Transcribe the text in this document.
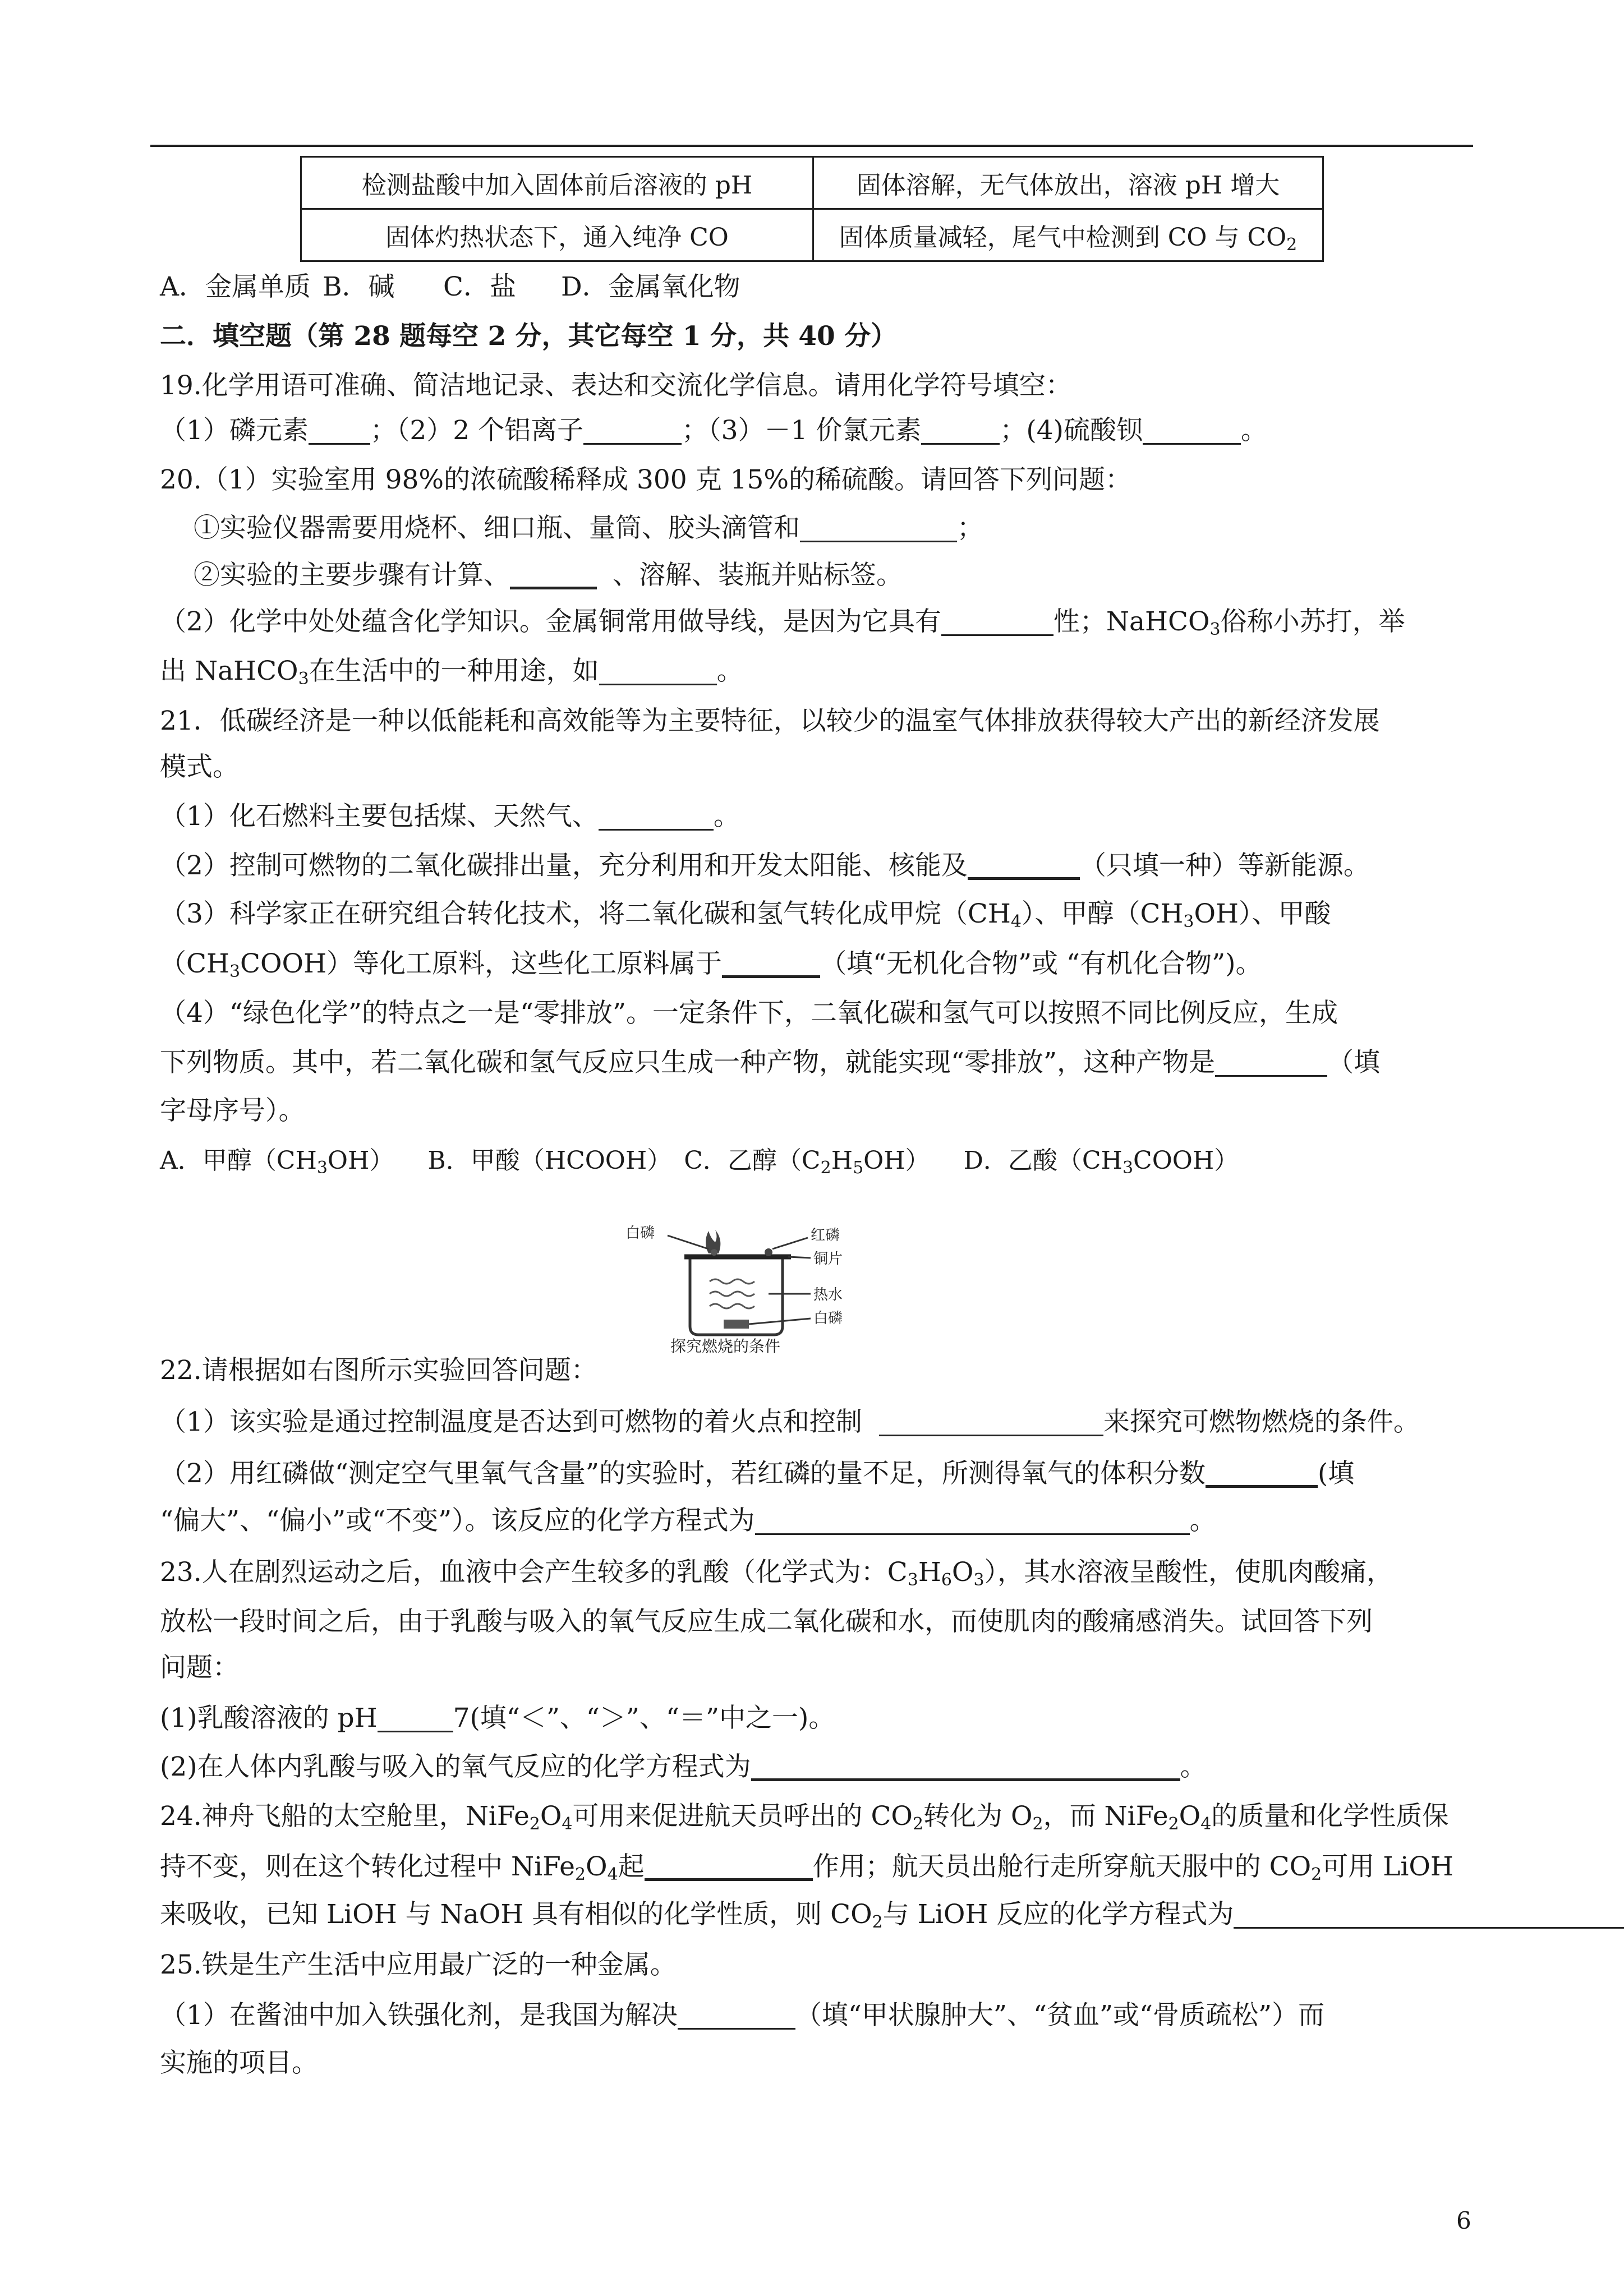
检测盐酸中加入固体前后溶液的 pH	固体溶解，无气体放出，溶液 pH 增大
固体灼热状态下，通入纯净 CO	固体质量减轻，尾气中检测到 CO 与 $CO_2$
A．金属单质 B．碱 C．盐 D．金属氧化物
二．填空题（第 28 题每空 2 分，其它每空 1 分，共 40 分）
19.化学用语可准确、简洁地记录、表达和交流化学信息。请用化学符号填空：
（1）磷元素 ；（2）2 个铝离子	；（3）－1 价氯元素	；(4)硫酸钡	。
20.（1）实验室用 98%的浓硫酸稀释成 300 克 15%的稀硫酸。请回答下列问题：
①实验仪器需要用烧杯、细口瓶、量筒、胶头滴管和	；
②实验的主要步骤有计算、	、溶解、装瓶并贴标签。
（2）化学中处处蕴含化学知识。金属铜常用做导线，是因为它具有	性；NaHCO$_3$俗称小苏打，举
出 NaHCO$_3$在生活中的一种用途，如	。
21．低碳经济是一种以低能耗和高效能等为主要特征，以较少的温室气体排放获得较大产出的新经济发展
模式。
（1）化石燃料主要包括煤、天然气、	。
（2）控制可燃物的二氧化碳排出量，充分利用和开发太阳能、核能及	（只填一种）等新能源。
（3）科学家正在研究组合转化技术，将二氧化碳和氢气转化成甲烷$(CH_4)$、甲醇$(CH_3OH)$、甲酸
$(CH_3COOH)$等化工原料，这些化工原料属于	（填“无机化合物”或 “有机化合物”)。
（4）“绿色化学”的特点之一是“零排放”。一定条件下，二氧化碳和氢气可以按照不同比例反应，生成
下列物质。其中，若二氧化碳和氢气反应只生成一种产物，就能实现“零排放”，这种产物是	（填
字母序号）。
A．甲醇$(CH_3OH)$ B．甲酸（HCOOH） C．乙醇$(C_2H_5OH)$ D．乙酸$(CH_3COOH)$
白磷	红磷
铜片
热水
白磷
探究燃烧的条件
22.请根据如右图所示实验回答问题：
（1）该实验是通过控制温度是否达到可燃物的着火点和控制	来探究可燃物燃烧的条件。
（2）用红磷做“测定空气里氧气含量”的实验时，若红磷的量不足，所测得氧气的体积分数	(填
“偏大”、“偏小”或“不变”）。该反应的化学方程式为	。
23.人在剧烈运动之后，血液中会产生较多的乳酸（化学式为：$C_3H_6O_3$），其水溶液呈酸性，使肌肉酸痛，
放松一段时间之后，由于乳酸与吸入的氧气反应生成二氧化碳和水，而使肌肉的酸痛感消失。试回答下列
问题：
(1)乳酸溶液的 pH	7(填“＜”、“＞”、“＝”中之一)。
(2)在人体内乳酸与吸入的氧气反应的化学方程式为	。
24.神舟飞船的太空舱里，$NiFe_2O_4$可用来促进航天员呼出的 $CO_2$转化为 $O_2$，而 $NiFe_2O_4$的质量和化学性质保
持不变，则在这个转化过程中 $NiFe_2O_4$起	作用；航天员出舱行走所穿航天服中的 $CO_2$可用 LiOH
来吸收，已知 LiOH 与 NaOH 具有相似的化学性质，则 $CO_2$与 LiOH 反应的化学方程式为
25.铁是生产生活中应用最广泛的一种金属。
（1）在酱油中加入铁强化剂，是我国为解决	（填“甲状腺肿大”、“贫血”或“骨质疏松”）而
实施的项目。
6
